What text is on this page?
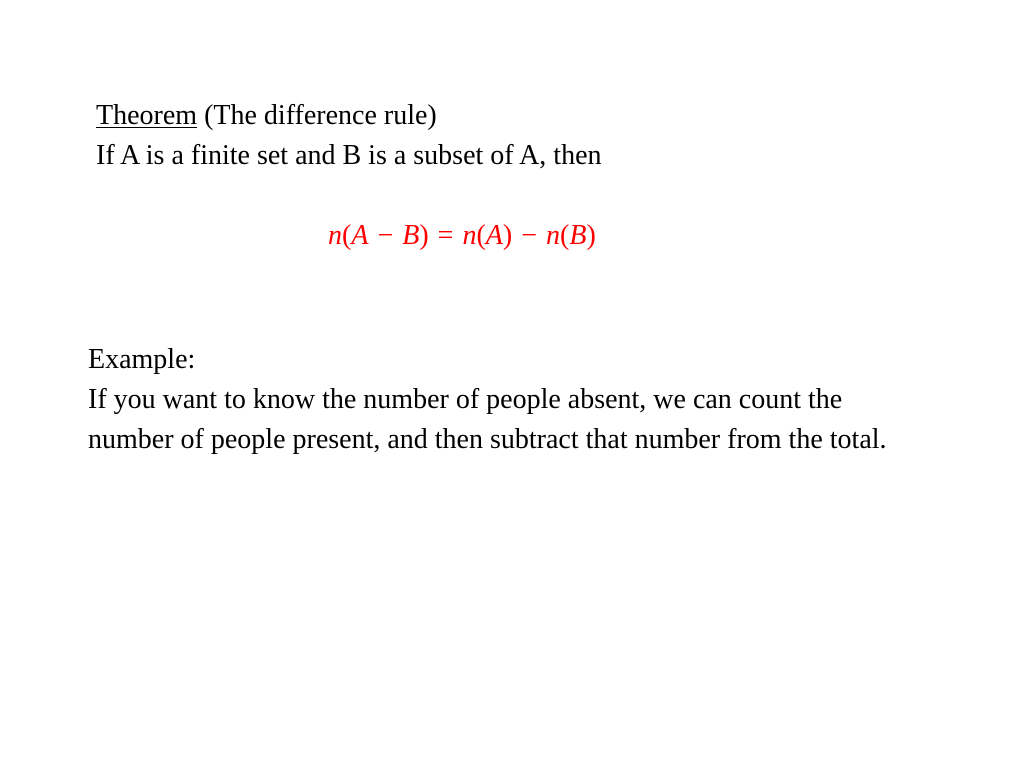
Theorem (The difference rule)
If A is a finite set and B is a subset of A, then
n(A − B) = n(A) − n(B)
Example:
If you want to know the number of people absent, we can count the number of people present, and then subtract that number from the total.
